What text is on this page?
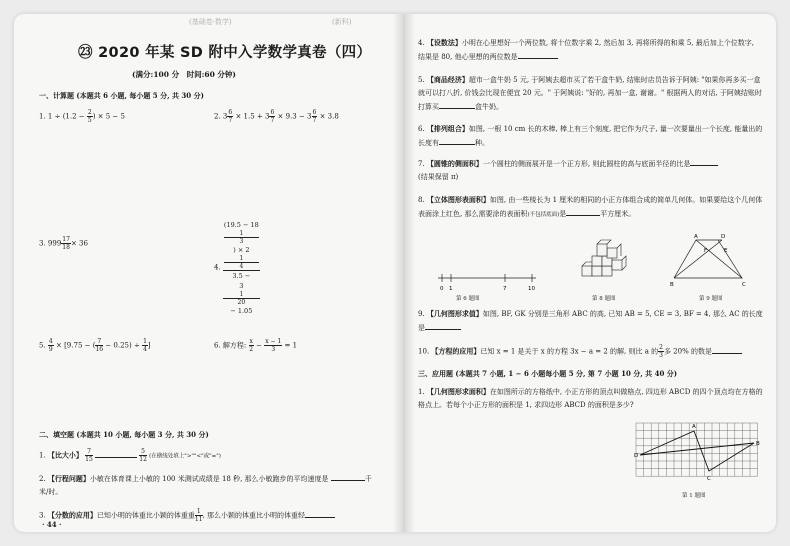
(基础卷·数学)	(新科)
㉓ 2020 年某 SD 附中入学数学真卷（四）
(满分:100 分　时间:60 分钟)
一、计算题 (本题共 6 小题, 每小题 5 分, 共 30 分)
1. $1 \div (1.2 - \frac{2}{5}$ ) × 5 − 5	2. $3 \frac{6}{7} \times 1.5 + 3 \frac{6}{7} \times 9.3 - 3 \frac{6}{7} \times 3.8$
3. $999 \frac{17}{18} \times 36$
4. (19.5 − 18
1
3
) × 2
1
4
3.5 −
3
1
20
− 1.05
5. $\frac{4}{9} \times [9.75$ − ( $\frac{7}{16} - 0.25) \div \frac{1}{4}$ ]	6. 解方程: $\frac{x}{2} - \frac{x - 1}{3} = 1$
二、填空题 (本题共 10 小题, 每小题 3 分, 共 30 分)
1. 【比大小】 $\frac{7}{15}$
	$\frac{5}{12}$ (在横线处填上">""<"或"=")
2. 【行程问题】小敏在体育课上小敏的 100 米测试成绩是 18 秒, 那么小敏跑步的平均速度是	千 米/时。
3. 【分数的应用】已知小明的体重比小颖的体重重 $\frac{1}{11}$ , 那么小颖的体重比小明的体重轻
· 44 ·
4. 【设数法】小明在心里想好一个两位数, 将十位数字乘 2, 然后加 3, 再将所得的和乘 5, 最后加上个位数字, 结果是 80, 他心里想的两位数是
5. 【商品经济】超市一盒牛奶 5 元, 于阿姨去超市买了若干盒牛奶, 结账时店员告诉于阿姨: "如果你再多买一盒就可以打八折, 价钱会比现在便宜 20 元。" 于阿姨说: "好的, 再加一盒, 谢谢。" 根据两人的对话, 于阿姨结账时打算买	盒牛奶。
6. 【排列组合】如图, 一根 10 cm 长的木棒, 棒上有三个刻度, 把它作为尺子, 量一次要量出一个长度, 能量出的长度有	种。
7. 【圆锥的侧面积】一个圆柱的侧面展开是一个正方形, 则此圆柱的高与底面半径的比是
(结果保留 π)
8. 【立体图形表面积】如图, 由一些棱长为 1 厘米的相同的小正方体组合成的简单几何体。如果要给这个几何体表面涂上红色, 那么需要涂的表面积(不包括底面)是	平方厘米。
0 1	7	10
第 6 题图	第 8 题图
B	C
A	D
F	E
第 9 题图
9. 【几何图形求值】如图, BF, GK 分别是三角形 ABC 的高, 已知 AB = 5, CE = 3, BF = 4, 那么 AC 的长度是
10. 【方程的应用】已知 x = 1 是关于 x 的方程 3x − a = 2 的解, 则比 a 的 $\frac{2}{3}$ 多 20% 的数是
三、应用题 (本题共 7 小题, 1 − 6 小题每小题 5 分, 第 7 小题 10 分, 共 40 分)
1. 【几何图形求面积】在如图所示的方格纸中, 小正方形的顶点叫做格点, 四边形 ABCD 的四个顶点均在方格的格点上。若每个小正方形的面积是 1, 求四边形 ABCD 的面积是多少?
D
A
C
B
第 1 题图
